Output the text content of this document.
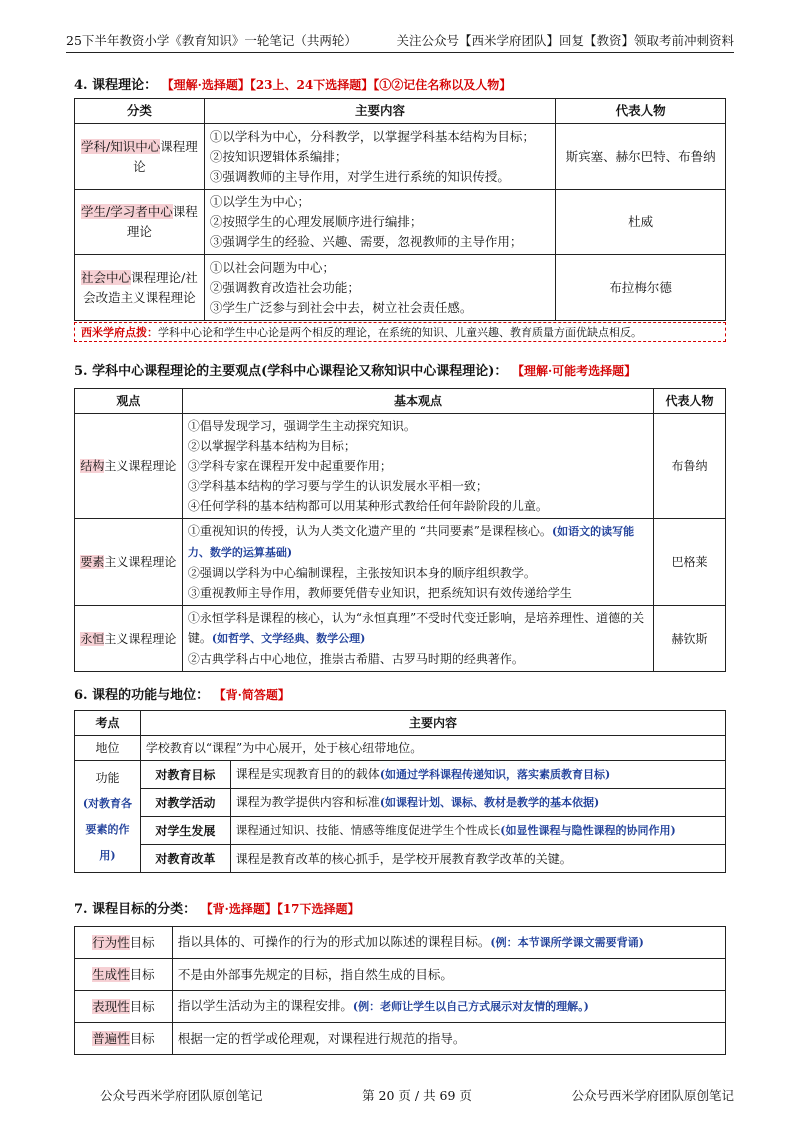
25下半年教资小学《教育知识》一轮笔记（共两轮）	关注公众号【西米学府团队】回复【教资】领取考前冲刺资料
4. 课程理论： 【理解·选择题】【23上、24下选择题】【①②记住名称以及人物】
分类	主要内容	代表人物
学科/知识中心课程理论	①以学科为中心，分科教学，以掌握学科基本结构为目标；
②按知识逻辑体系编排；
③强调教师的主导作用，对学生进行系统的知识传授。	斯宾塞、赫尔巴特、布鲁纳
学生/学习者中心课程理论	①以学生为中心；
②按照学生的心理发展顺序进行编排；
③强调学生的经验、兴趣、需要，忽视教师的主导作用；	杜威
社会中心课程理论/社会改造主义课程理论	①以社会问题为中心；
②强调教育改造社会功能；
③学生广泛参与到社会中去，树立社会责任感。	布拉梅尔德
西米学府点拨：学科中心论和学生中心论是两个相反的理论，在系统的知识、儿童兴趣、教育质量方面优缺点相反。
5. 学科中心课程理论的主要观点(学科中心课程论又称知识中心课程理论)： 【理解·可能考选择题】
观点	基本观点	代表人物
结构主义课程理论	①倡导发现学习，强调学生主动探究知识。
②以掌握学科基本结构为目标；
③学科专家在课程开发中起重要作用；
③学科基本结构的学习要与学生的认识发展水平相一致；
④任何学科的基本结构都可以用某种形式教给任何年龄阶段的儿童。	布鲁纳
要素主义课程理论	①重视知识的传授，认为人类文化遗产里的 “共同要素”是课程核心。(如语文的读写能力、数学的运算基础)
②强调以学科为中心编制课程，主张按知识本身的顺序组织教学。
③重视教师主导作用，教师要凭借专业知识，把系统知识有效传递给学生	巴格莱
永恒主义课程理论	①永恒学科是课程的核心，认为“永恒真理”不受时代变迁影响，是培养理性、道德的关键。(如哲学、文学经典、数学公理)
②古典学科占中心地位，推崇古希腊、古罗马时期的经典著作。	赫钦斯
6. 课程的功能与地位： 【背·简答题】
考点	主要内容	
地位	学校教育以“课程”为中心展开，处于核心纽带地位。	

功能
(对教育各要素的作用)	对教育目标	课程是实现教育目的的载体(如通过学科课程传递知识，落实素质教育目标)
	对教学活动	课程为教学提供内容和标准(如课程计划、课标、教材是教学的基本依据)
	对学生发展	课程通过知识、技能、情感等维度促进学生个性成长(如显性课程与隐性课程的协同作用)
	对教育改革	课程是教育改革的核心抓手，是学校开展教育教学改革的关键。
7. 课程目标的分类： 【背·选择题】【17下选择题】
行为性目标	指以具体的、可操作的行为的形式加以陈述的课程目标。(例：本节课所学课文需要背诵)
生成性目标	不是由外部事先规定的目标，指自然生成的目标。
表现性目标	指以学生活动为主的课程安排。(例：老师让学生以自己方式展示对友情的理解。)
普遍性目标	根据一定的哲学或伦理观，对课程进行规范的指导。
公众号西米学府团队原创笔记	第 20 页 / 共 69 页	公众号西米学府团队原创笔记
